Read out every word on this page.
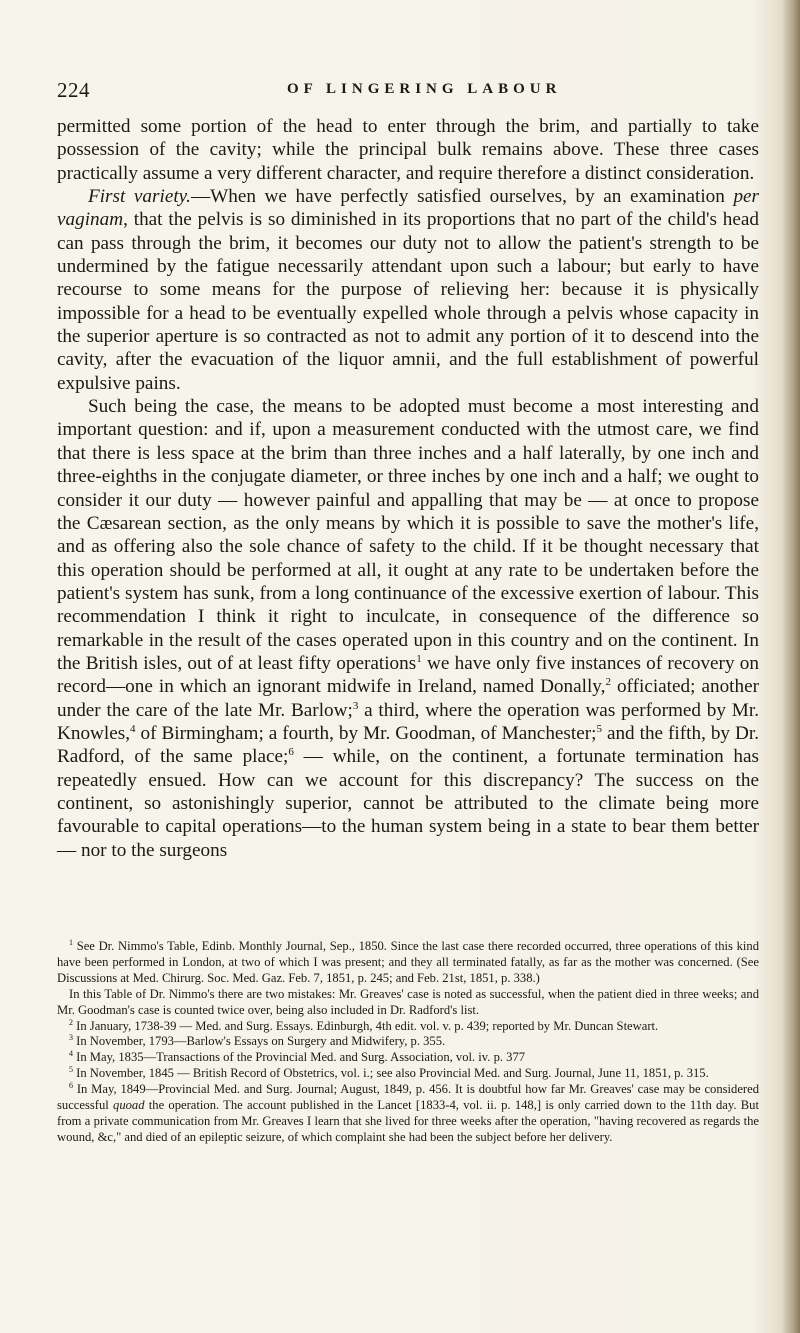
224	OF LINGERING LABOUR

permitted some portion of the head to enter through the brim, and partially to take possession of the cavity; while the principal bulk remains above. These three cases practically assume a very different character, and require therefore a distinct consideration.

First variety.—When we have perfectly satisfied ourselves, by an examination per vaginam, that the pelvis is so diminished in its proportions that no part of the child's head can pass through the brim, it becomes our duty not to allow the patient's strength to be undermined by the fatigue necessarily attendant upon such a labour; but early to have recourse to some means for the purpose of relieving her: because it is physically impossible for a head to be eventually expelled whole through a pelvis whose capacity in the superior aperture is so contracted as not to admit any portion of it to descend into the cavity, after the evacuation of the liquor amnii, and the full establishment of powerful expulsive pains.

Such being the case, the means to be adopted must become a most interesting and important question: and if, upon a measurement conducted with the utmost care, we find that there is less space at the brim than three inches and a half laterally, by one inch and three-eighths in the conjugate diameter, or three inches by one inch and a half; we ought to consider it our duty — however painful and appalling that may be — at once to propose the Cæsarean section, as the only means by which it is possible to save the mother's life, and as offering also the sole chance of safety to the child. If it be thought necessary that this operation should be performed at all, it ought at any rate to be undertaken before the patient's system has sunk, from a long continuance of the excessive exertion of labour. This recommendation I think it right to inculcate, in consequence of the difference so remarkable in the result of the cases operated upon in this country and on the continent. In the British isles, out of at least fifty operations$^1$ we have only five instances of recovery on record—one in which an ignorant midwife in Ireland, named Donally,$^2$ officiated; another under the care of the late Mr. Barlow;$^3$ a third, where the operation was performed by Mr. Knowles,$^4$ of Birmingham; a fourth, by Mr. Goodman, of Manchester;$^5$ and the fifth, by Dr. Radford, of the same place;$^6$ — while, on the continent, a fortunate termination has repeatedly ensued. How can we account for this discrepancy? The success on the continent, so astonishingly superior, cannot be attributed to the climate being more favourable to capital operations—to the human system being in a state to bear them better — nor to the surgeons

$^1$ See Dr. Nimmo's Table, Edinb. Monthly Journal, Sep., 1850. Since the last case there recorded occurred, three operations of this kind have been performed in London, at two of which I was present; and they all terminated fatally, as far as the mother was concerned. (See Discussions at Med. Chirurg. Soc. Med. Gaz. Feb. 7, 1851, p. 245; and Feb. 21st, 1851, p. 338.)

In this Table of Dr. Nimmo's there are two mistakes: Mr. Greaves' case is noted as successful, when the patient died in three weeks; and Mr. Goodman's case is counted twice over, being also included in Dr. Radford's list.

$^2$ In January, 1738-39 — Med. and Surg. Essays. Edinburgh, 4th edit. vol. v. p. 439; reported by Mr. Duncan Stewart.

$^3$ In November, 1793—Barlow's Essays on Surgery and Midwifery, p. 355.

$^4$ In May, 1835—Transactions of the Provincial Med. and Surg. Association, vol. iv. p. 377

$^5$ In November, 1845 — British Record of Obstetrics, vol. i.; see also Provincial Med. and Surg. Journal, June 11, 1851, p. 315.

$^6$ In May, 1849—Provincial Med. and Surg. Journal; August, 1849, p. 456. It is doubtful how far Mr. Greaves' case may be considered successful quoad the operation. The account published in the Lancet [1833-4, vol. ii. p. 148,] is only carried down to the 11th day. But from a private communication from Mr. Greaves I learn that she lived for three weeks after the operation, "having recovered as regards the wound, &c," and died of an epileptic seizure, of which complaint she had been the subject before her delivery.
